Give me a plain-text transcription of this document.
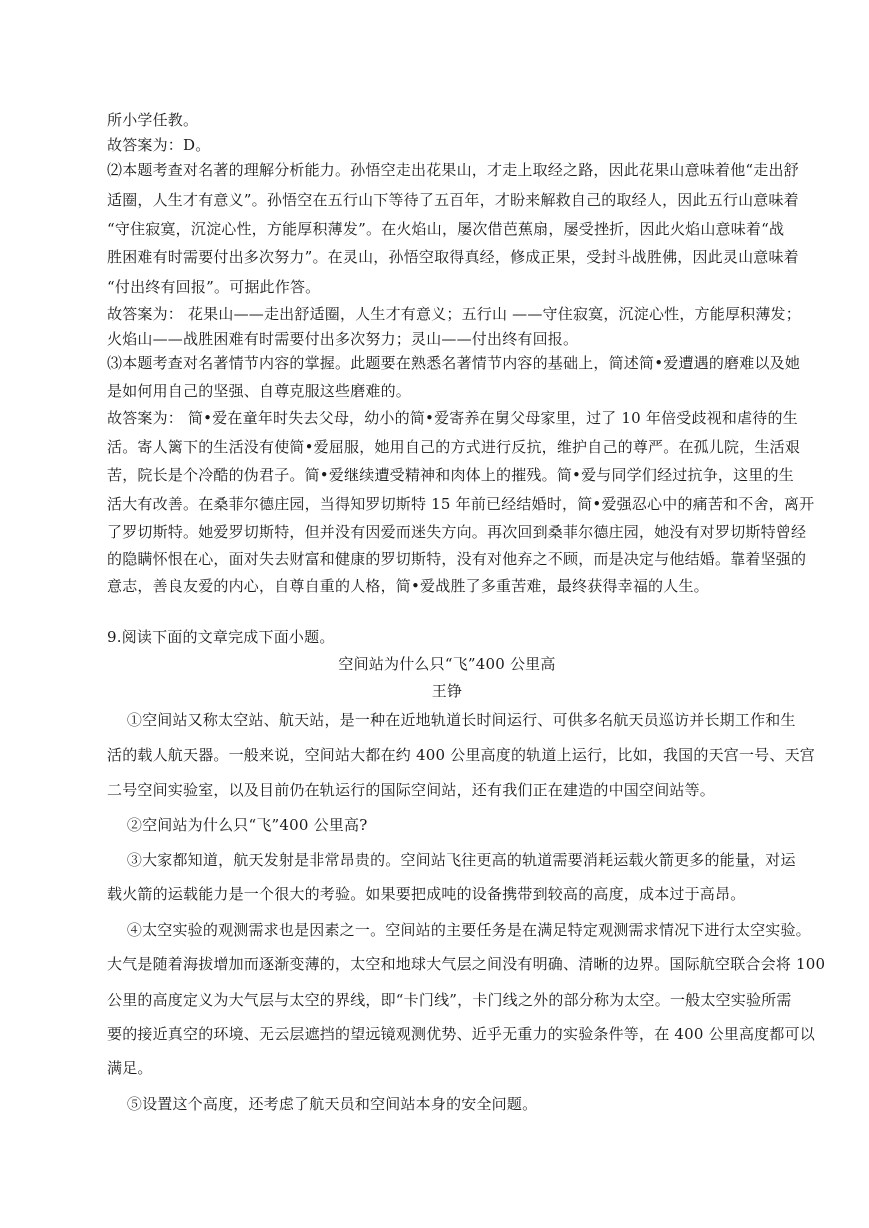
所小学任教。
故答案为：D。
⑵本题考查对名著的理解分析能力。孙悟空走出花果山，才走上取经之路，因此花果山意味着他“走出舒
适圈，人生才有意义”。孙悟空在五行山下等待了五百年，才盼来解救自己的取经人，因此五行山意味着
“守住寂寞，沉淀心性，方能厚积薄发”。在火焰山，屡次借芭蕉扇，屡受挫折，因此火焰山意味着“战
胜困难有时需要付出多次努力”。在灵山，孙悟空取得真经，修成正果，受封斗战胜佛，因此灵山意味着
“付出终有回报”。可据此作答。
故答案为： 花果山——走出舒适圈，人生才有意义；五行山 ——守住寂寞，沉淀心性，方能厚积薄发；
火焰山——战胜困难有时需要付出多次努力；灵山——付出终有回报。
⑶本题考查对名著情节内容的掌握。此题要在熟悉名著情节内容的基础上，简述简•爱遭遇的磨难以及她
是如何用自己的坚强、自尊克服这些磨难的。
故答案为： 简•爱在童年时失去父母，幼小的简•爱寄养在舅父母家里，过了 10 年倍受歧视和虐待的生
活。寄人篱下的生活没有使简•爱屈服，她用自己的方式进行反抗，维护自己的尊严。在孤儿院，生活艰
苦，院长是个冷酷的伪君子。简•爱继续遭受精神和肉体上的摧残。简•爱与同学们经过抗争，这里的生
活大有改善。在桑菲尔德庄园，当得知罗切斯特 15 年前已经结婚时，简•爱强忍心中的痛苦和不舍，离开
了罗切斯特。她爱罗切斯特，但并没有因爱而迷失方向。再次回到桑菲尔德庄园，她没有对罗切斯特曾经
的隐瞒怀恨在心，面对失去财富和健康的罗切斯特，没有对他弃之不顾，而是决定与他结婚。靠着坚强的
意志，善良友爱的内心，自尊自重的人格，简•爱战胜了多重苦难，最终获得幸福的人生。
9.阅读下面的文章完成下面小题。
空间站为什么只“飞”400 公里高
王铮
①空间站又称太空站、航天站，是一种在近地轨道长时间运行、可供多名航天员巡访并长期工作和生
活的载人航天器。一般来说，空间站大都在约 400 公里高度的轨道上运行，比如，我国的天宫一号、天宫
二号空间实验室，以及目前仍在轨运行的国际空间站，还有我们正在建造的中国空间站等。
②空间站为什么只“飞”400 公里高?
③大家都知道，航天发射是非常昂贵的。空间站飞往更高的轨道需要消耗运载火箭更多的能量，对运
载火箭的运载能力是一个很大的考验。如果要把成吨的设备携带到较高的高度，成本过于高昂。
④太空实验的观测需求也是因素之一。空间站的主要任务是在满足特定观测需求情况下进行太空实验。
大气是随着海拔增加而逐渐变薄的，太空和地球大气层之间没有明确、清晰的边界。国际航空联合会将 100
公里的高度定义为大气层与太空的界线，即“卡门线”，卡门线之外的部分称为太空。一般太空实验所需
要的接近真空的环境、无云层遮挡的望远镜观测优势、近乎无重力的实验条件等，在 400 公里高度都可以
满足。
⑤设置这个高度，还考虑了航天员和空间站本身的安全问题。
